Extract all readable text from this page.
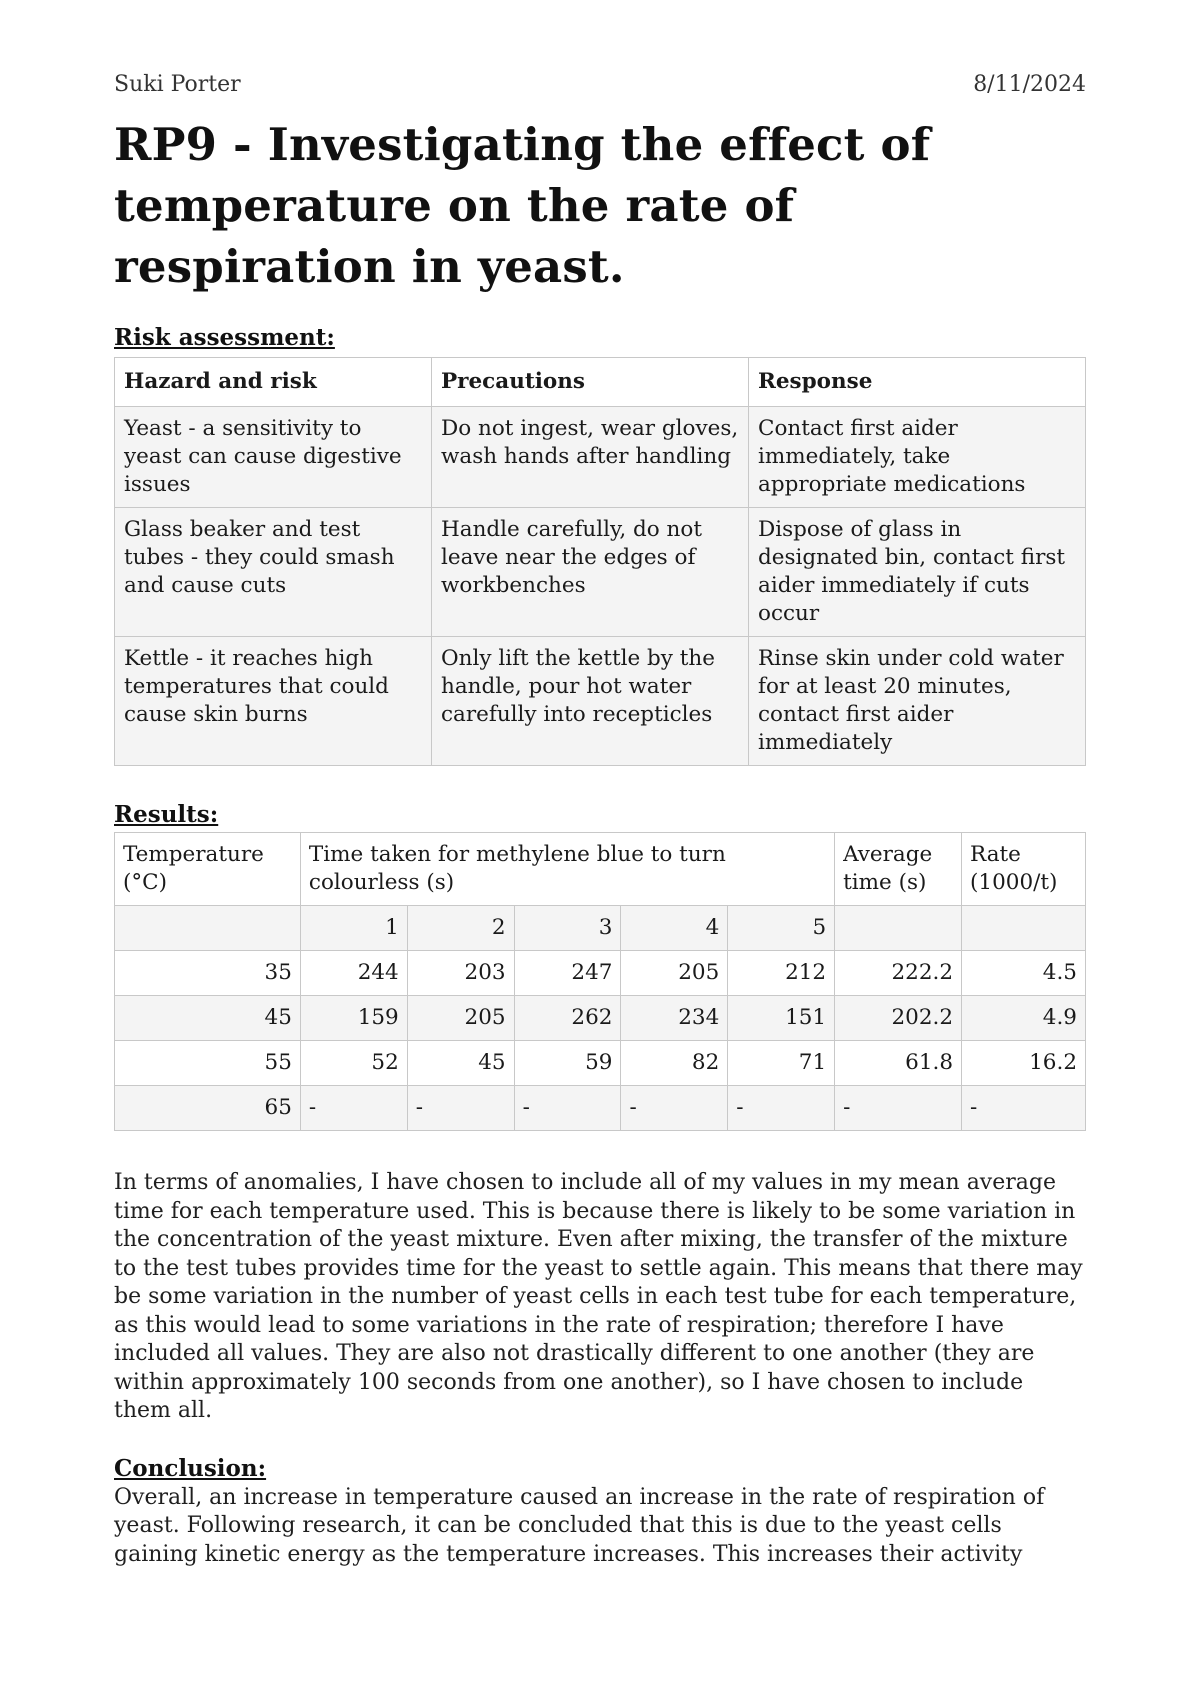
Suki Porter	8/11/2024
RP9 - Investigating the effect of temperature on the rate of respiration in yeast.
Risk assessment:
Hazard and risk	Precautions	Response
Yeast - a sensitivity to yeast can cause digestive issues	Do not ingest, wear gloves, wash hands after handling	Contact first aider immediately, take appropriate medications
Glass beaker and test tubes - they could smash and cause cuts	Handle carefully, do not leave near the edges of workbenches	Dispose of glass in designated bin, contact first aider immediately if cuts occur
Kettle - it reaches high temperatures that could cause skin burns	Only lift the kettle by the handle, pour hot water carefully into recepticles	Rinse skin under cold water for at least 20 minutes, contact first aider immediately
Results:
Temperature (°C)	Time taken for methylene blue to turn colourless (s)					Average time (s)	Rate (1000/t)
	1	2	3	4	5		
35	244	203	247	205	212	222.2	4.5
45	159	205	262	234	151	202.2	4.9
55	52	45	59	82	71	61.8	16.2
65	-	-	-	-	-	-	-

In terms of anomalies, I have chosen to include all of my values in my mean average time for each temperature used. This is because there is likely to be some variation in the concentration of the yeast mixture. Even after mixing, the transfer of the mixture to the test tubes provides time for the yeast to settle again. This means that there may be some variation in the number of yeast cells in each test tube for each temperature, as this would lead to some variations in the rate of respiration; therefore I have included all values. They are also not drastically different to one another (they are within approximately 100 seconds from one another), so I have chosen to include them all.

Conclusion:

Overall, an increase in temperature caused an increase in the rate of respiration of yeast. Following research, it can be concluded that this is due to the yeast cells gaining kinetic energy as the temperature increases. This increases their activity
